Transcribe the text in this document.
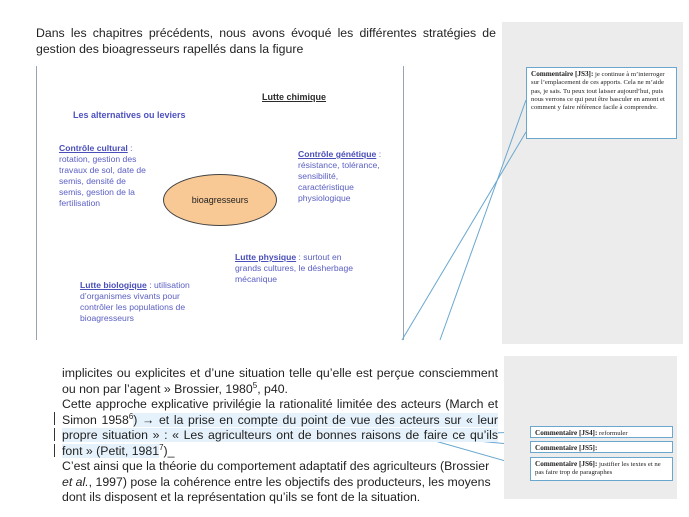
Dans les chapitres précédents, nous avons évoqué les différentes stratégies de gestion des bioagresseurs rapellés dans la figure
Lutte chimique
Les alternatives ou leviers
Contrôle cultural : rotation, gestion des travaux de sol, date de semis, densité de semis, gestion de la fertilisation
Contrôle génétique : résistance, tolérance, sensibilité, caractéristique physiologique
bioagresseurs
Lutte physique : surtout en grands cultures, le désherbage mécanique
Lutte biologique : utilisation d’organismes vivants pour contrôler les populations de bioagresseurs
Commentaire [JS3]: je continue à m’interroger sur l’emplacement de ces apports. Cela ne m’aide pas, je sais. Tu peux tout laisser aujourd’hui, puis nous verrons ce qui peut être basculer en amont et comment y faire référence facile à comprendre.

implicites ou explicites et d’une situation telle qu’elle est perçue consciemment ou non par l’agent » Brossier, 1980$^5$, p40.

Cette approche explicative privilégie la rationalité limitée des acteurs (March et Simon $1958^6$) → et la prise en compte du point de vue des acteurs sur « leur propre situation » : « Les agriculteurs ont de bonnes raisons de faire ce qu’ils font » (Petit, 1981$^7$)_

C’est ainsi que la théorie du comportement adaptatif des agriculteurs (Brossier et al., 1997) pose la cohérence entre les objectifs des producteurs, les moyens dont ils disposent et la représentation qu’ils se font de la situation.

Commentaire [JS4]: reformuler
Commentaire [JS5]:
Commentaire [JS6]: justifier les textes et ne pas faire trop de paragraphes
